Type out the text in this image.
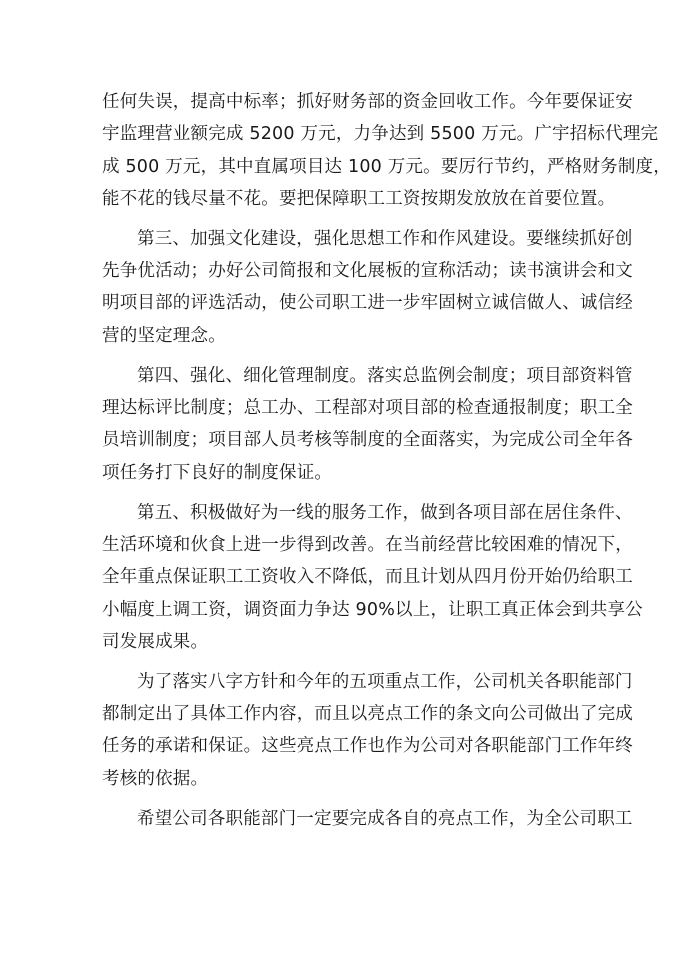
任何失误，提高中标率；抓好财务部的资金回收工作。今年要保证安
宇监理营业额完成 5200 万元，力争达到 5500 万元。广宇招标代理完
成 500 万元，其中直属项目达 100 万元。要厉行节约，严格财务制度，
能不花的钱尽量不花。要把保障职工工资按期发放放在首要位置。

第三、加强文化建设，强化思想工作和作风建设。要继续抓好创
先争优活动；办好公司简报和文化展板的宣称活动；读书演讲会和文
明项目部的评选活动，使公司职工进一步牢固树立诚信做人、诚信经
营的坚定理念。

第四、强化、细化管理制度。落实总监例会制度；项目部资料管
理达标评比制度；总工办、工程部对项目部的检查通报制度；职工全
员培训制度；项目部人员考核等制度的全面落实，为完成公司全年各
项任务打下良好的制度保证。

第五、积极做好为一线的服务工作，做到各项目部在居住条件、
生活环境和伙食上进一步得到改善。在当前经营比较困难的情况下，
全年重点保证职工工资收入不降低，而且计划从四月份开始仍给职工
小幅度上调工资，调资面力争达 90%以上，让职工真正体会到共享公
司发展成果。

为了落实八字方针和今年的五项重点工作，公司机关各职能部门
都制定出了具体工作内容，而且以亮点工作的条文向公司做出了完成
任务的承诺和保证。这些亮点工作也作为公司对各职能部门工作年终
考核的依据。

希望公司各职能部门一定要完成各自的亮点工作，为全公司职工
